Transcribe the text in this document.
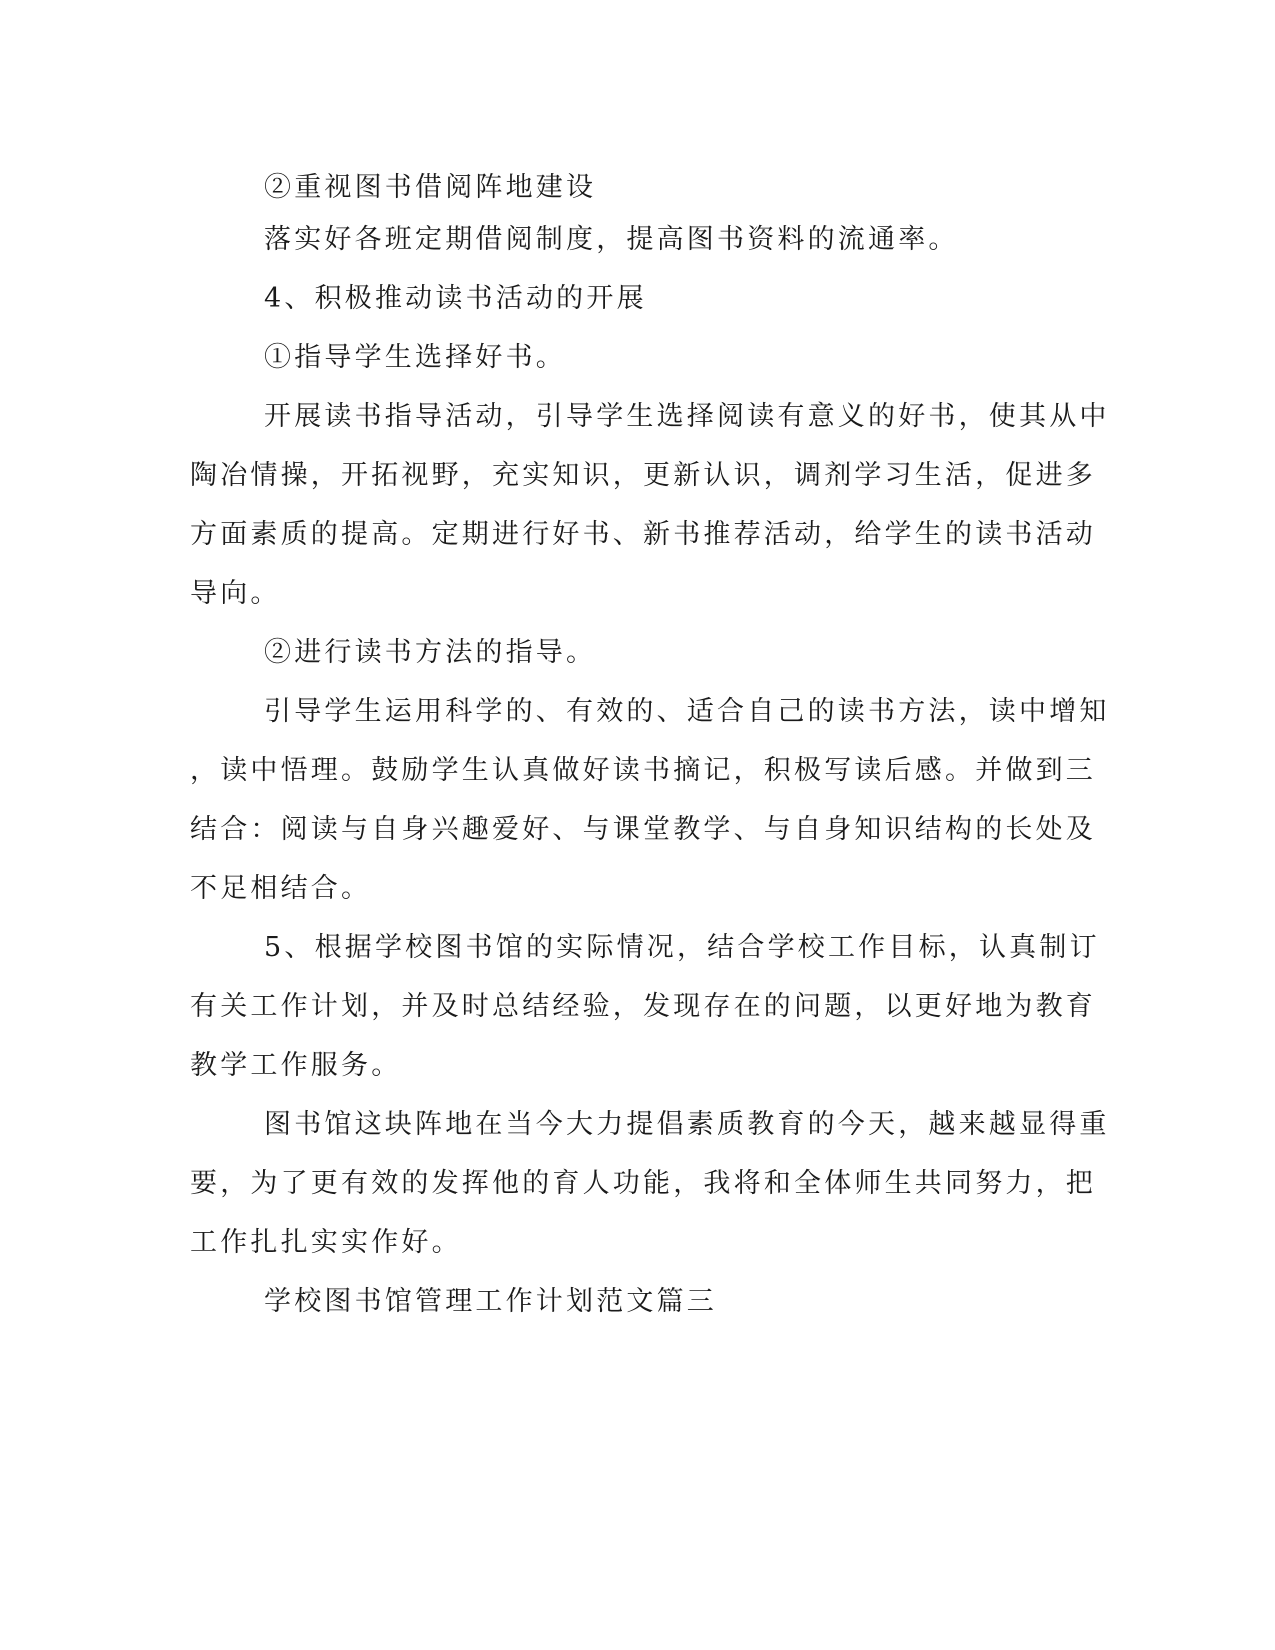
②重视图书借阅阵地建设

落实好各班定期借阅制度，提高图书资料的流通率。

4、积极推动读书活动的开展

①指导学生选择好书。

开展读书指导活动，引导学生选择阅读有意义的好书，使其从中

陶冶情操，开拓视野，充实知识，更新认识，调剂学习生活，促进多

方面素质的提高。定期进行好书、新书推荐活动，给学生的读书活动

导向。

②进行读书方法的指导。

引导学生运用科学的、有效的、适合自己的读书方法，读中增知

，读中悟理。鼓励学生认真做好读书摘记，积极写读后感。并做到三

结合：阅读与自身兴趣爱好、与课堂教学、与自身知识结构的长处及

不足相结合。

5、根据学校图书馆的实际情况，结合学校工作目标，认真制订

有关工作计划，并及时总结经验，发现存在的问题，以更好地为教育

教学工作服务。

图书馆这块阵地在当今大力提倡素质教育的今天，越来越显得重

要，为了更有效的发挥他的育人功能，我将和全体师生共同努力，把

工作扎扎实实作好。

学校图书馆管理工作计划范文篇三
